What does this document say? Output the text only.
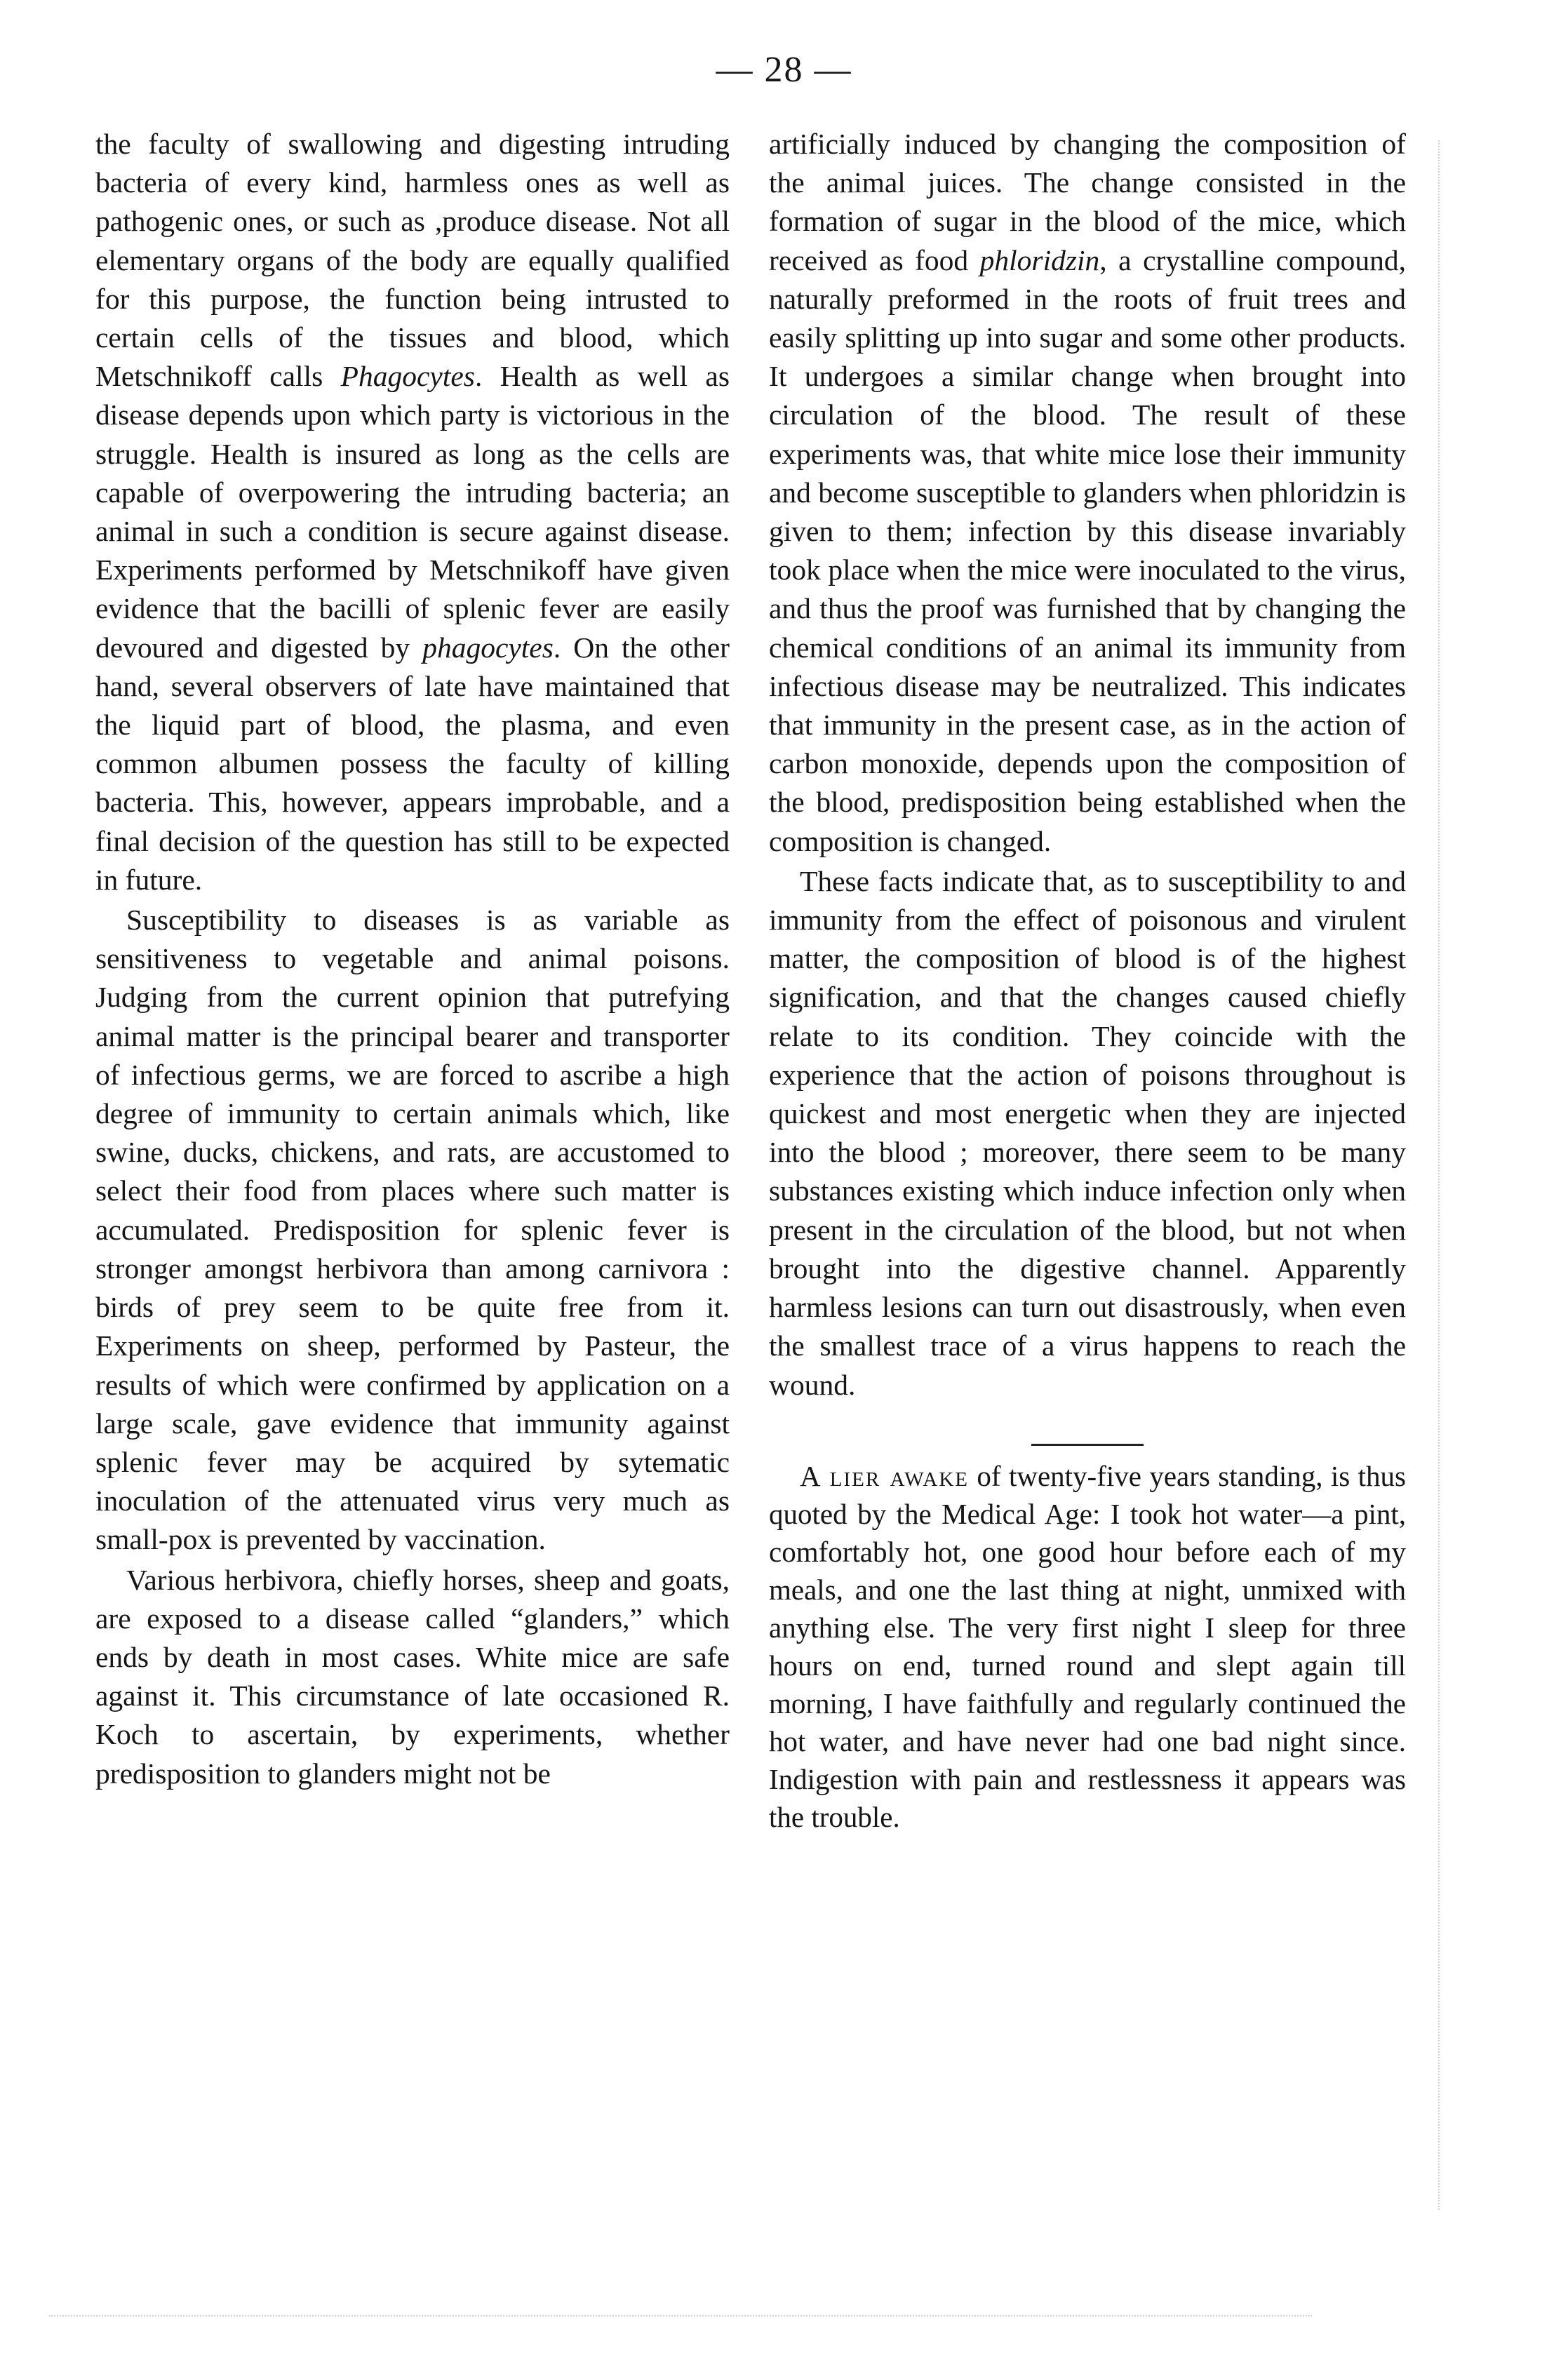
— 28 —

the faculty of swallowing and digesting intruding bacteria of every kind, harmless ones as well as pathogenic ones, or such as ,produce disease. Not all elementary organs of the body are equally qualified for this purpose, the function being intrusted to certain cells of the tissues and blood, which Metschnikoff calls Phagocytes. Health as well as disease depends upon which party is victorious in the struggle. Health is insured as long as the cells are capable of overpowering the intruding bacteria; an animal in such a condition is secure against disease. Experiments performed by Metschnikoff have given evidence that the bacilli of splenic fever are easily devoured and digested by phagocytes. On the other hand, several observers of late have maintained that the liquid part of blood, the plasma, and even common albumen possess the faculty of killing bacteria. This, however, appears improbable, and a final decision of the question has still to be expected in future.

Susceptibility to diseases is as variable as sensitiveness to vegetable and animal poisons. Judging from the current opinion that putrefying animal matter is the principal bearer and transporter of infectious germs, we are forced to ascribe a high degree of immunity to certain animals which, like swine, ducks, chickens, and rats, are accustomed to select their food from places where such matter is accumulated. Predisposition for splenic fever is stronger amongst herbivora than among carnivora : birds of prey seem to be quite free from it. Experiments on sheep, performed by Pasteur, the results of which were confirmed by application on a large scale, gave evidence that immunity against splenic fever may be acquired by sytematic inoculation of the attenuated virus very much as small-pox is prevented by vaccination.

Various herbivora, chiefly horses, sheep and goats, are exposed to a disease called “glanders,” which ends by death in most cases. White mice are safe against it. This circumstance of late occasioned R. Koch to ascertain, by experiments, whether predisposition to glanders might not be

artificially induced by changing the composition of the animal juices. The change consisted in the formation of sugar in the blood of the mice, which received as food phloridzin, a crystalline compound, naturally preformed in the roots of fruit trees and easily splitting up into sugar and some other products. It undergoes a similar change when brought into circulation of the blood. The result of these experiments was, that white mice lose their immunity and become susceptible to glanders when phloridzin is given to them; infection by this disease invariably took place when the mice were inoculated to the virus, and thus the proof was furnished that by changing the chemical conditions of an animal its immunity from infectious disease may be neutralized. This indicates that immunity in the present case, as in the action of carbon monoxide, depends upon the composition of the blood, predisposition being established when the composition is changed.

These facts indicate that, as to susceptibility to and immunity from the effect of poisonous and virulent matter, the composition of blood is of the highest signification, and that the changes caused chiefly relate to its condition. They coincide with the experience that the action of poisons throughout is quickest and most energetic when they are injected into the blood ; moreover, there seem to be many substances existing which induce infection only when present in the circulation of the blood, but not when brought into the digestive channel. Apparently harmless lesions can turn out disastrously, when even the smallest trace of a virus happens to reach the wound.

A lier awake of twenty-five years standing, is thus quoted by the Medical Age: I took hot water—a pint, comfortably hot, one good hour before each of my meals, and one the last thing at night, unmixed with anything else. The very first night I sleep for three hours on end, turned round and slept again till morning, I have faithfully and regularly continued the hot water, and have never had one bad night since. Indigestion with pain and restlessness it appears was the trouble.
